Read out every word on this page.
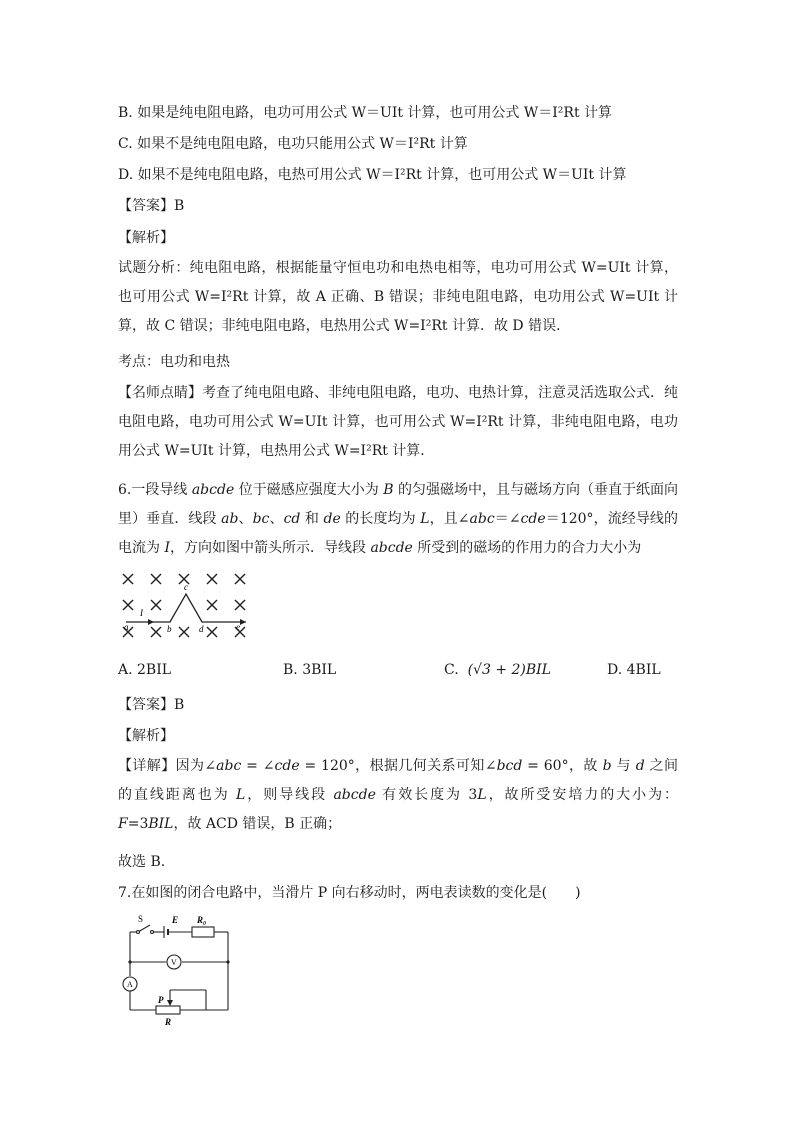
B. 如果是纯电阻电路，电功可用公式 W＝UIt 计算，也可用公式 W＝I²Rt 计算
C. 如果不是纯电阻电路，电功只能用公式 W＝I²Rt 计算
D. 如果不是纯电阻电路，电热可用公式 W＝I²Rt 计算，也可用公式 W＝UIt 计算
【答案】B
【解析】
试题分析：纯电阻电路，根据能量守恒电功和电热电相等，电功可用公式 W=UIt 计算，也可用公式 W=I²Rt 计算，故 A 正确、B 错误；非纯电阻电路，电功用公式 W=UIt 计算，故 C 错误；非纯电阻电路，电热用公式 W=I²Rt 计算．故 D 错误．
考点：电功和电热
【名师点睛】考查了纯电阻电路、非纯电阻电路，电功、电热计算，注意灵活选取公式．纯电阻电路，电功可用公式 W=UIt 计算，也可用公式 W=I²Rt 计算，非纯电阻电路，电功用公式 W=UIt 计算，电热用公式 W=I²Rt 计算．
6.一段导线 abcde 位于磁感应强度大小为 B 的匀强磁场中，且与磁场方向（垂直于纸面向里）垂直．线段 ab、bc、cd 和 de 的长度均为 L，且∠abc＝∠cde＝120°，流经导线的电流为 I，方向如图中箭头所示．导线段 abcde 所受到的磁场的作用力的合力大小为
a	b
c
d	e
I
A. 2BIL	B. 3BIL	C. (√3 + 2)BIL	D. 4BIL
【答案】B
【解析】
【详解】因为∠abc = ∠cde = 120°，根据几何关系可知∠bcd = 60°，故 b 与 d 之间的直线距离也为 L，则导线段 abcde 有效长度为 3L，故所受安培力的大小为：F=3BIL，故 ACD 错误，B 正确；
故选 B.
7.在如图的闭合电路中，当滑片 P 向右移动时，两电表读数的变化是(　　)
S	E R₀
V
A
P
R
